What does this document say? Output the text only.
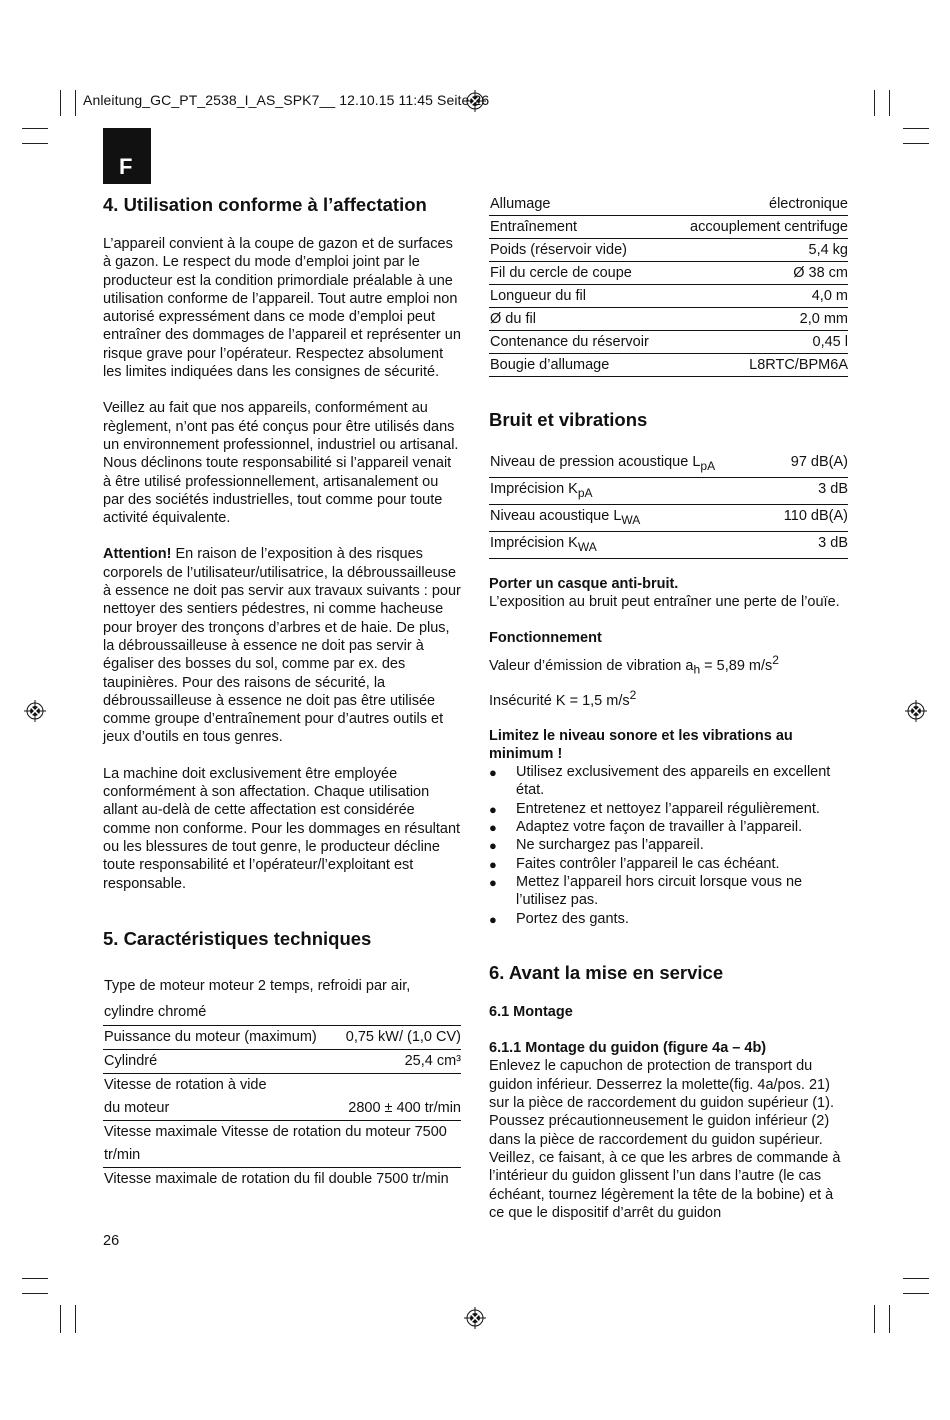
Anleitung_GC_PT_2538_I_AS_SPK7__ 12.10.15 11:45 Seite 26
F
4. Utilisation conforme à l’affectation

L’appareil convient à la coupe de gazon et de surfaces à gazon. Le respect du mode d’emploi joint par le producteur est la condition primordiale préalable à une utilisation conforme de l’appareil. Tout autre emploi non autorisé expressément dans ce mode d’emploi peut entraîner des dommages de l’appareil et représenter un risque grave pour l’opérateur. Respectez absolument les limites indiquées dans les consignes de sécurité.

Veillez au fait que nos appareils, conformément au règlement, n’ont pas été conçus pour être utilisés dans un environnement professionnel, industriel ou artisanal. Nous déclinons toute responsabilité si l’appareil venait à être utilisé professionnellement, artisanalement ou par des sociétés industrielles, tout comme pour toute activité équivalente.

Attention! En raison de l’exposition à des risques corporels de l’utilisateur/utilisatrice, la débroussailleuse à essence ne doit pas servir aux travaux suivants : pour nettoyer des sentiers pédestres, ni comme hacheuse pour broyer des tronçons d’arbres et de haie. De plus, la débroussailleuse à essence ne doit pas servir à égaliser des bosses du sol, comme par ex. des taupinières. Pour des raisons de sécurité, la débroussailleuse à essence ne doit pas être utilisée comme groupe d’entraînement pour d’autres outils et jeux d’outils en tous genres.

La machine doit exclusivement être employée conformément à son affectation. Chaque utilisation allant au-delà de cette affectation est considérée comme non conforme. Pour les dommages en résultant ou les blessures de tout genre, le producteur décline toute responsabilité et l’opérateur/l’exploitant est responsable.

5. Caractéristiques techniques
Type de moteur moteur 2 temps, refroidi par air,	
cylindre chromé	
Puissance du moteur (maximum)	0,75 kW/ (1,0 CV)
Cylindré	25,4 cm³
Vitesse de rotation à vide	
du moteur	2800 ± 400 tr/min
Vitesse maximale Vitesse de rotation du moteur 7500	
tr/min	
Vitesse maximale de rotation du fil double 7500 tr/min	
Allumage	électronique
Entraînement	accouplement centrifuge
Poids (réservoir vide)	5,4 kg
Fil du cercle de coupe	Ø 38 cm
Longueur du fil	4,0 m
Ø du fil	2,0 mm
Contenance du réservoir	0,45 l
Bougie d’allumage	L8RTC/BPM6A
Bruit et vibrations
Niveau de pression acoustique $L_{pA}$	97 dB(A)
Imprécision $K_{pA}$	3 dB
Niveau acoustique $L_{WA}$	110 dB(A)
Imprécision $K_{WA}$	3 dB

Porter un casque anti-bruit.

L’exposition au bruit peut entraîner une perte de l’ouïe.

Fonctionnement

Valeur d’émission de vibration $a_h = 5,89$ $m/s^2$

Insécurité K = 1,5 $m/s^2$

Limitez le niveau sonore et les vibrations au minimum !

● Utilisez exclusivement des appareils en excellent état.
● Entretenez et nettoyez l’appareil régulièrement.
● Adaptez votre façon de travailler à l’appareil.
● Ne surchargez pas l’appareil.
● Faites contrôler l’appareil le cas échéant.
● Mettez l’appareil hors circuit lorsque vous ne l’utilisez pas.
● Portez des gants.
6. Avant la mise en service

6.1 Montage

6.1.1 Montage du guidon (figure 4a – 4b)

Enlevez le capuchon de protection de transport du guidon inférieur. Desserrez la molette(fig. 4a/pos. 21) sur la pièce de raccordement du guidon supérieur (1). Poussez précautionneusement le guidon inférieur (2) dans la pièce de raccordement du guidon supérieur. Veillez, ce faisant, à ce que les arbres de commande à l’intérieur du guidon glissent l’un dans l’autre (le cas échéant, tournez légèrement la tête de la bobine) et à ce que le dispositif d’arrêt du guidon

26
